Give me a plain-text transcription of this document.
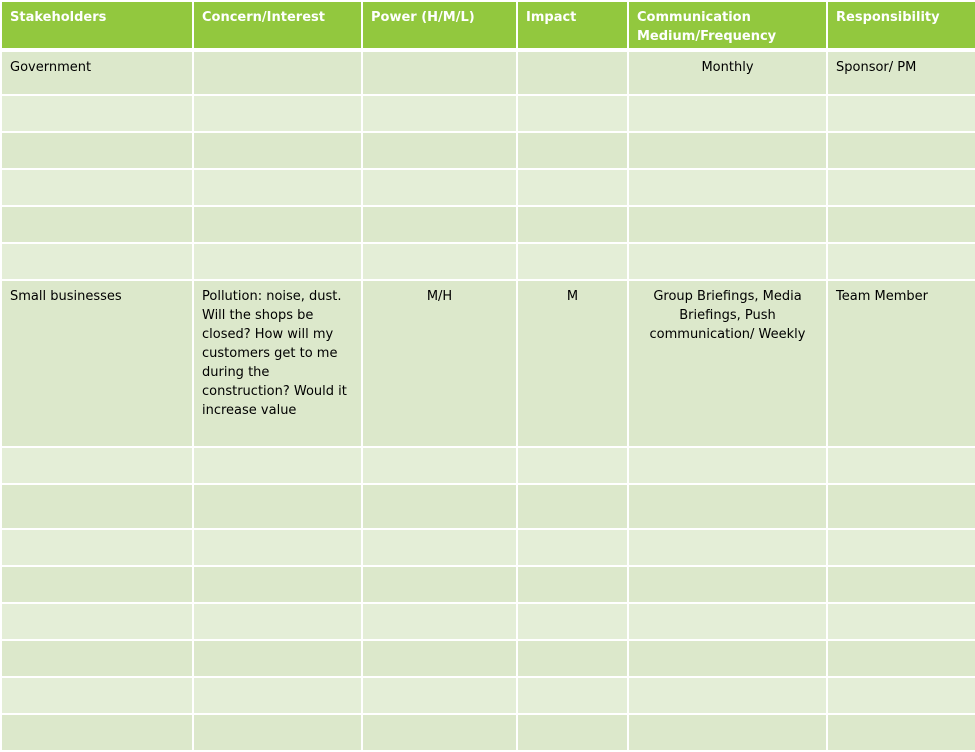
Stakeholders	Concern/Interest	Power (H/M/L)	Impact	Communication Medium/Frequency	Responsibility
Government				Monthly	Sponsor/ PM

Small businesses	Pollution: noise, dust. Will the shops be closed? How will my customers get to me during the construction? Would it increase value	M/H	M	Group Briefings, Media Briefings, Push communication/ Weekly	Team Member
